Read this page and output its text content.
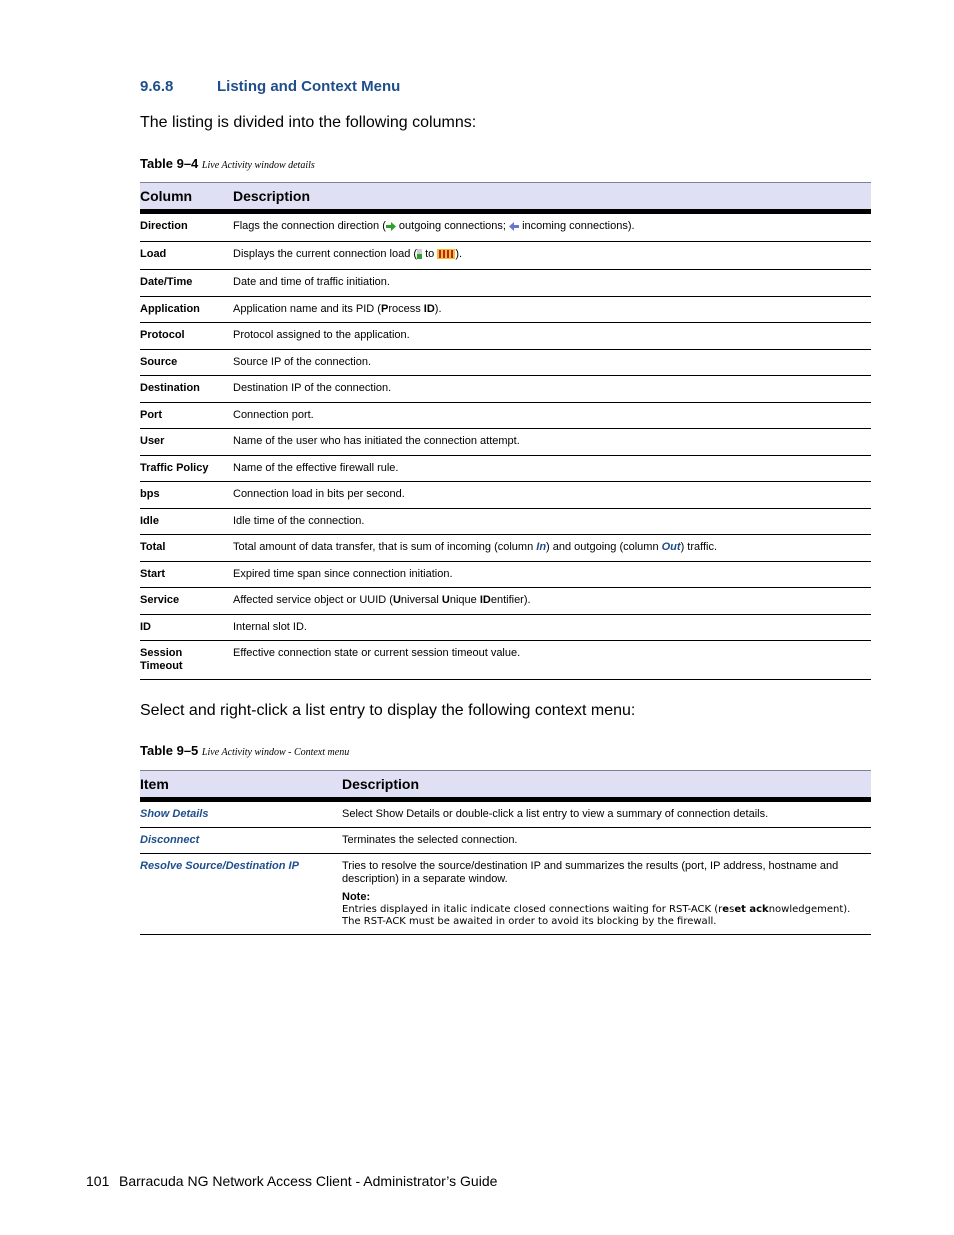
9.6.8	Listing and Context Menu

The listing is divided into the following columns:

Table 9–4 Live Activity window details
Column	Description
Direction	Flags the connection direction ( outgoing connections;  incoming connections).
Load	Displays the current connection load ( to ).
Date/Time	Date and time of traffic initiation.
Application	Application name and its PID (Process ID).
Protocol	Protocol assigned to the application.
Source	Source IP of the connection.
Destination	Destination IP of the connection.
Port	Connection port.
User	Name of the user who has initiated the connection attempt.
Traffic Policy	Name of the effective firewall rule.
bps	Connection load in bits per second.
Idle	Idle time of the connection.
Total	Total amount of data transfer, that is sum of incoming (column In) and outgoing (column Out) traffic.
Start	Expired time span since connection initiation.
Service	Affected service object or UUID (Universal Unique IDentifier).
ID	Internal slot ID.
Session Timeout	Effective connection state or current session timeout value.

Select and right-click a list entry to display the following context menu:

Table 9–5 Live Activity window - Context menu
Item	Description
Show Details	Select Show Details or double-click a list entry to view a summary of connection details.
Disconnect	Terminates the selected connection.
Resolve Source/Destination IP	Tries to resolve the source/destination IP and summarizes the results (port, IP address, hostname and description) in a separate window.
Note:
Entries displayed in italic indicate closed connections waiting for RST-ACK (reset acknowledgement). The RST-ACK must be awaited in order to avoid its blocking by the firewall.
101 Barracuda NG Network Access Client - Administrator’s Guide
